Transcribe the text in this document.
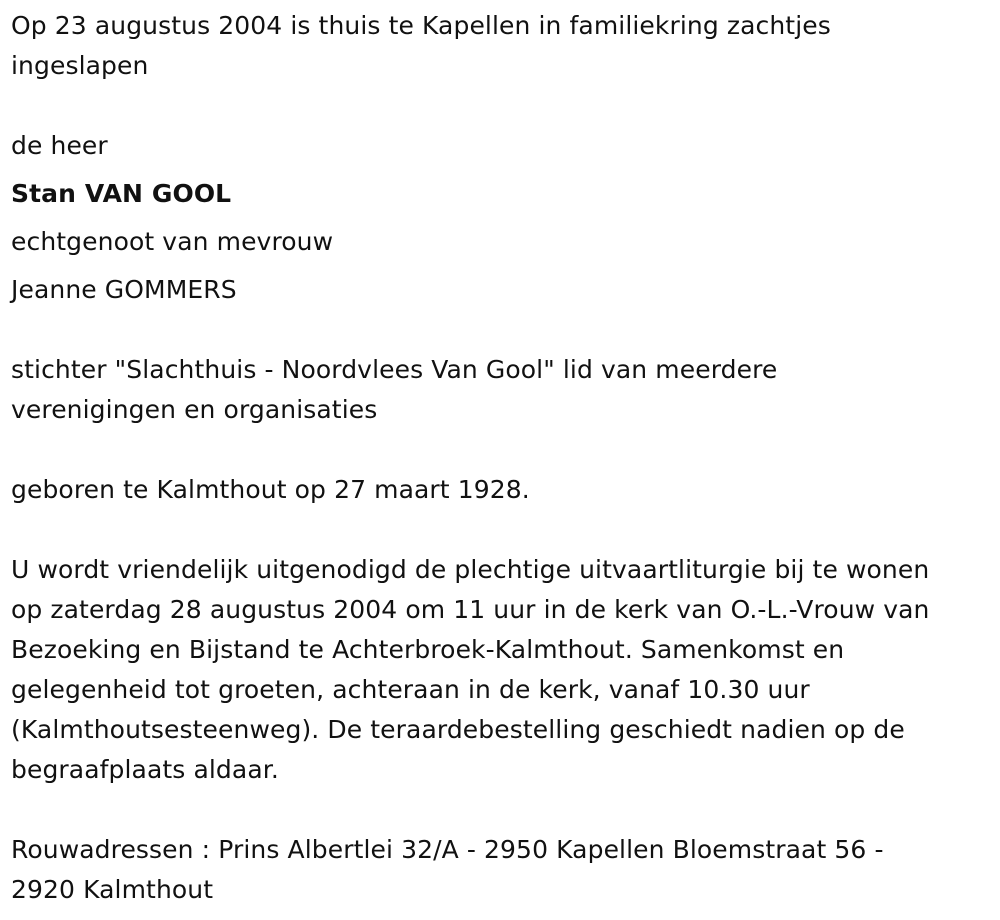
Op 23 augustus 2004 is thuis te Kapellen in familiekring zachtjes
ingeslapen
de heer
Stan VAN GOOL
echtgenoot van mevrouw
Jeanne GOMMERS
stichter "Slachthuis - Noordvlees Van Gool" lid van meerdere
verenigingen en organisaties
geboren te Kalmthout op 27 maart 1928.
U wordt vriendelijk uitgenodigd de plechtige uitvaartliturgie bij te wonen
op zaterdag 28 augustus 2004 om 11 uur in de kerk van O.-L.-Vrouw van
Bezoeking en Bijstand te Achterbroek-Kalmthout. Samenkomst en
gelegenheid tot groeten, achteraan in de kerk, vanaf 10.30 uur
(Kalmthoutsesteenweg). De teraardebestelling geschiedt nadien op de
begraafplaats aldaar.
Rouwadressen : Prins Albertlei 32/A - 2950 Kapellen Bloemstraat 56 -
2920 Kalmthout
